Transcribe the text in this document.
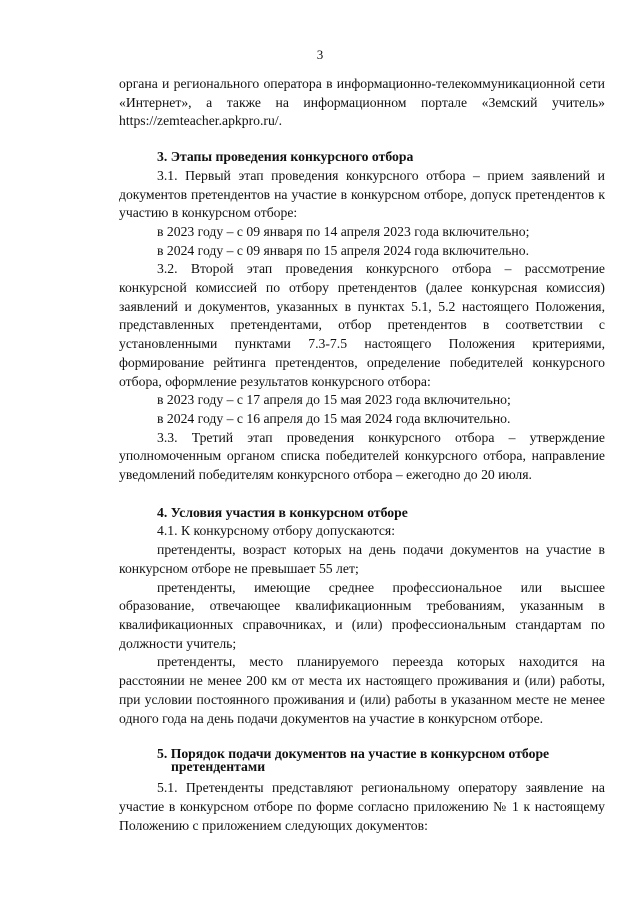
3

органа и регионального оператора в информационно-телекоммуникационной сети «Интернет», а также на информационном портале «Земский учитель» https://zemteacher.apkpro.ru/.

3. Этапы проведения конкурсного отбора

3.1. Первый этап проведения конкурсного отбора – прием заявлений и документов претендентов на участие в конкурсном отборе, допуск претендентов к участию в конкурсном отборе:

в 2023 году – с 09 января по 14 апреля 2023 года включительно;

в 2024 году – с 09 января по 15 апреля 2024 года включительно.

3.2. Второй этап проведения конкурсного отбора – рассмотрение конкурсной комиссией по отбору претендентов (далее конкурсная комиссия) заявлений и документов, указанных в пунктах 5.1, 5.2 настоящего Положения, представленных претендентами, отбор претендентов в соответствии с установленными пунктами 7.3-7.5 настоящего Положения критериями, формирование рейтинга претендентов, определение победителей конкурсного отбора, оформление результатов конкурсного отбора:

в 2023 году – с 17 апреля до 15 мая 2023 года включительно;

в 2024 году – с 16 апреля до 15 мая 2024 года включительно.

3.3. Третий этап проведения конкурсного отбора – утверждение уполномоченным органом списка победителей конкурсного отбора, направление уведомлений победителям конкурсного отбора – ежегодно до 20 июля.

4. Условия участия в конкурсном отборе

4.1. К конкурсному отбору допускаются:

претенденты, возраст которых на день подачи документов на участие в конкурсном отборе не превышает 55 лет;

претенденты, имеющие среднее профессиональное или высшее образование, отвечающее квалификационным требованиям, указанным в квалификационных справочниках, и (или) профессиональным стандартам по должности учитель;

претенденты, место планируемого переезда которых находится на расстоянии не менее 200 км от места их настоящего проживания и (или) работы, при условии постоянного проживания и (или) работы в указанном месте не менее одного года на день подачи документов на участие в конкурсном отборе.

5. Порядок подачи документов на участие в конкурсном отборе
претендентами

5.1. Претенденты представляют региональному оператору заявление на участие в конкурсном отборе по форме согласно приложению № 1 к настоящему Положению с приложением следующих документов:
